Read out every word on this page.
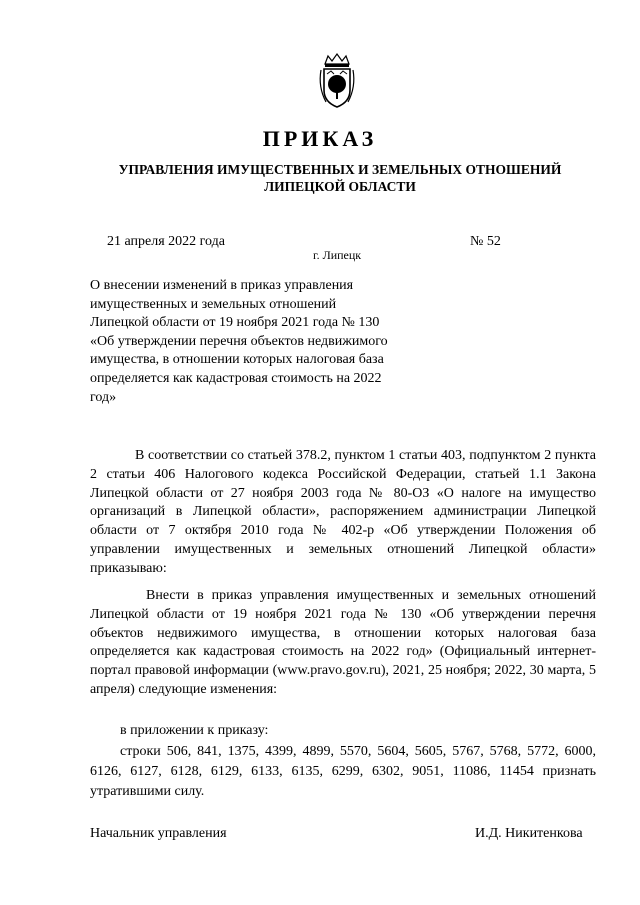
ПРИКАЗ
УПРАВЛЕНИЯ ИМУЩЕСТВЕННЫХ И ЗЕМЕЛЬНЫХ ОТНОШЕНИЙ
ЛИПЕЦКОЙ ОБЛАСТИ
21 апреля 2022 года
г. Липецк
№ 52
О внесении изменений в приказ управления имущественных и земельных отношений Липецкой области от 19 ноября 2021 года № 130 «Об утверждении перечня объектов недвижимого имущества, в отношении которых налоговая база определяется как кадастровая стоимость на 2022 год»

В соответствии со статьей 378.2, пунктом 1 статьи 403, подпунктом 2 пункта 2 статьи 406 Налогового кодекса Российской Федерации, статьей 1.1 Закона Липецкой области от 27 ноября 2003 года № 80-ОЗ «О налоге на имущество организаций в Липецкой области», распоряжением администрации Липецкой области от 7 октября 2010 года № 402-р «Об утверждении Положения об управлении имущественных и земельных отношений Липецкой области» приказываю:

Внести в приказ управления имущественных и земельных отношений Липецкой области от 19 ноября 2021 года № 130 «Об утверждении перечня объектов недвижимого имущества, в отношении которых налоговая база определяется как кадастровая стоимость на 2022 год» (Официальный интернет-портал правовой информации (www.pravo.gov.ru), 2021, 25 ноября; 2022, 30 марта, 5 апреля) следующие изменения:

в приложении к приказу:

строки 506, 841, 1375, 4399, 4899, 5570, 5604, 5605, 5767, 5768, 5772, 6000, 6126, 6127, 6128, 6129, 6133, 6135, 6299, 6302, 9051, 11086, 11454 признать утратившими силу.

Начальник управления	И.Д. Никитенкова
